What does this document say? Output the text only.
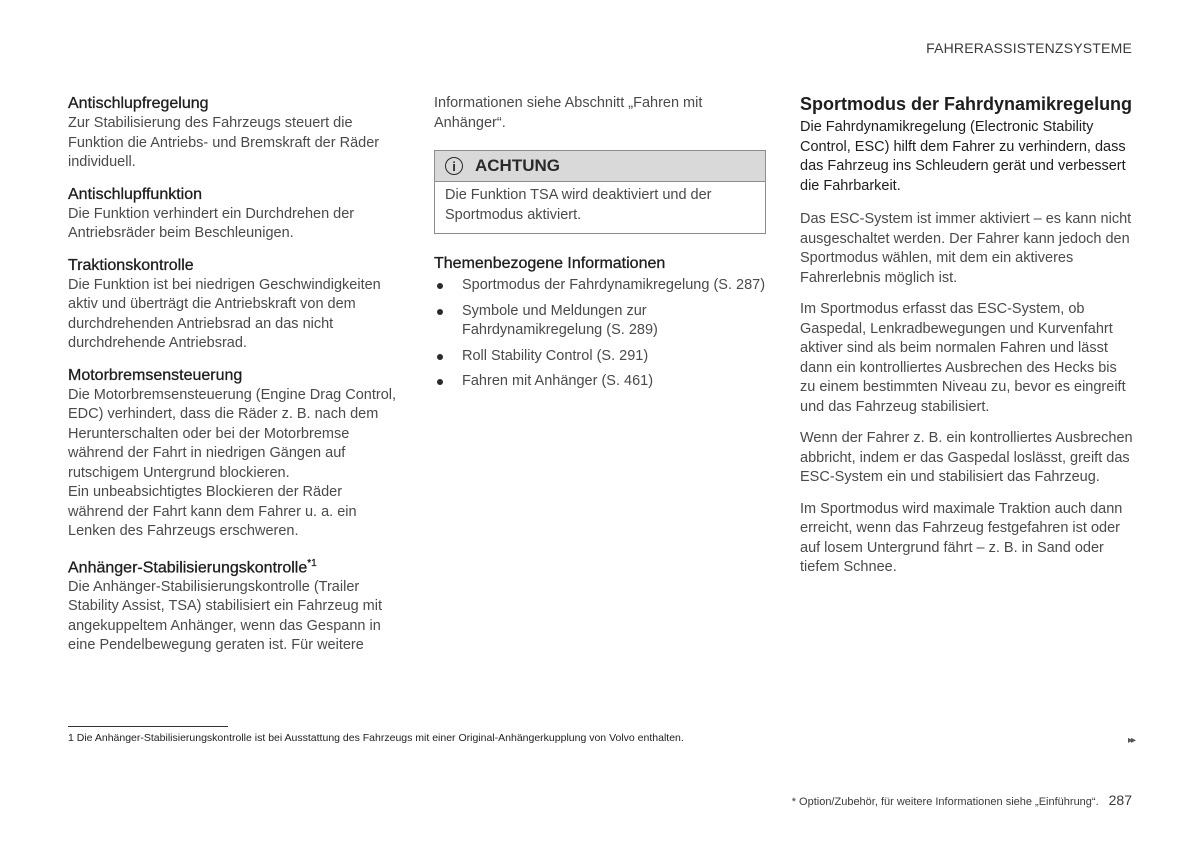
FAHRERASSISTENZSYSTEME
Antischlupfregelung

Zur Stabilisierung des Fahrzeugs steuert die Funktion die Antriebs- und Bremskraft der Räder individuell.

Antischlupffunktion

Die Funktion verhindert ein Durchdrehen der Antriebsräder beim Beschleunigen.

Traktionskontrolle

Die Funktion ist bei niedrigen Geschwindigkeiten aktiv und überträgt die Antriebskraft von dem durchdrehenden Antriebsrad an das nicht durchdrehende Antriebsrad.

Motorbremsensteuerung

Die Motorbremsensteuerung (Engine Drag Control, EDC) verhindert, dass die Räder z. B. nach dem Herunterschalten oder bei der Motorbremse während der Fahrt in niedrigen Gängen auf rutschigem Untergrund blockieren.

Ein unbeabsichtigtes Blockieren der Räder während der Fahrt kann dem Fahrer u. a. ein Lenken des Fahrzeugs erschweren.

Anhänger-Stabilisierungskontrolle$^{*1}$

Die Anhänger-Stabilisierungskontrolle (Trailer Stability Assist, TSA) stabilisiert ein Fahrzeug mit angekuppeltem Anhänger, wenn das Gespann in eine Pendelbewegung geraten ist. Für weitere

Informationen siehe Abschnitt „Fahren mit Anhänger“.

i	ACHTUNG

Die Funktion TSA wird deaktiviert und der Sportmodus aktiviert.

Themenbezogene Informationen
Sportmodus der Fahrdynamikregelung (S. 287)
Symbole und Meldungen zur Fahrdynamikregelung (S. 289)
Roll Stability Control (S. 291)
Fahren mit Anhänger (S. 461)
Sportmodus der Fahrdynamikregelung

Die Fahrdynamikregelung (Electronic Stability Control, ESC) hilft dem Fahrer zu verhindern, dass das Fahrzeug ins Schleudern gerät und verbessert die Fahrbarkeit.

Das ESC-System ist immer aktiviert – es kann nicht ausgeschaltet werden. Der Fahrer kann jedoch den Sportmodus wählen, mit dem ein aktiveres Fahrerlebnis möglich ist.

Im Sportmodus erfasst das ESC-System, ob Gaspedal, Lenkradbewegungen und Kurvenfahrt aktiver sind als beim normalen Fahren und lässt dann ein kontrolliertes Ausbrechen des Hecks bis zu einem bestimmten Niveau zu, bevor es eingreift und das Fahrzeug stabilisiert.

Wenn der Fahrer z. B. ein kontrolliertes Ausbrechen abbricht, indem er das Gaspedal loslässt, greift das ESC-System ein und stabilisiert das Fahrzeug.

Im Sportmodus wird maximale Traktion auch dann erreicht, wenn das Fahrzeug festgefahren ist oder auf losem Untergrund fährt – z. B. in Sand oder tiefem Schnee.

1 Die Anhänger-Stabilisierungskontrolle ist bei Ausstattung des Fahrzeugs mit einer Original-Anhängerkupplung von Volvo enthalten.	▸▸
* Option/Zubehör, für weitere Informationen siehe „Einführung“. 287
